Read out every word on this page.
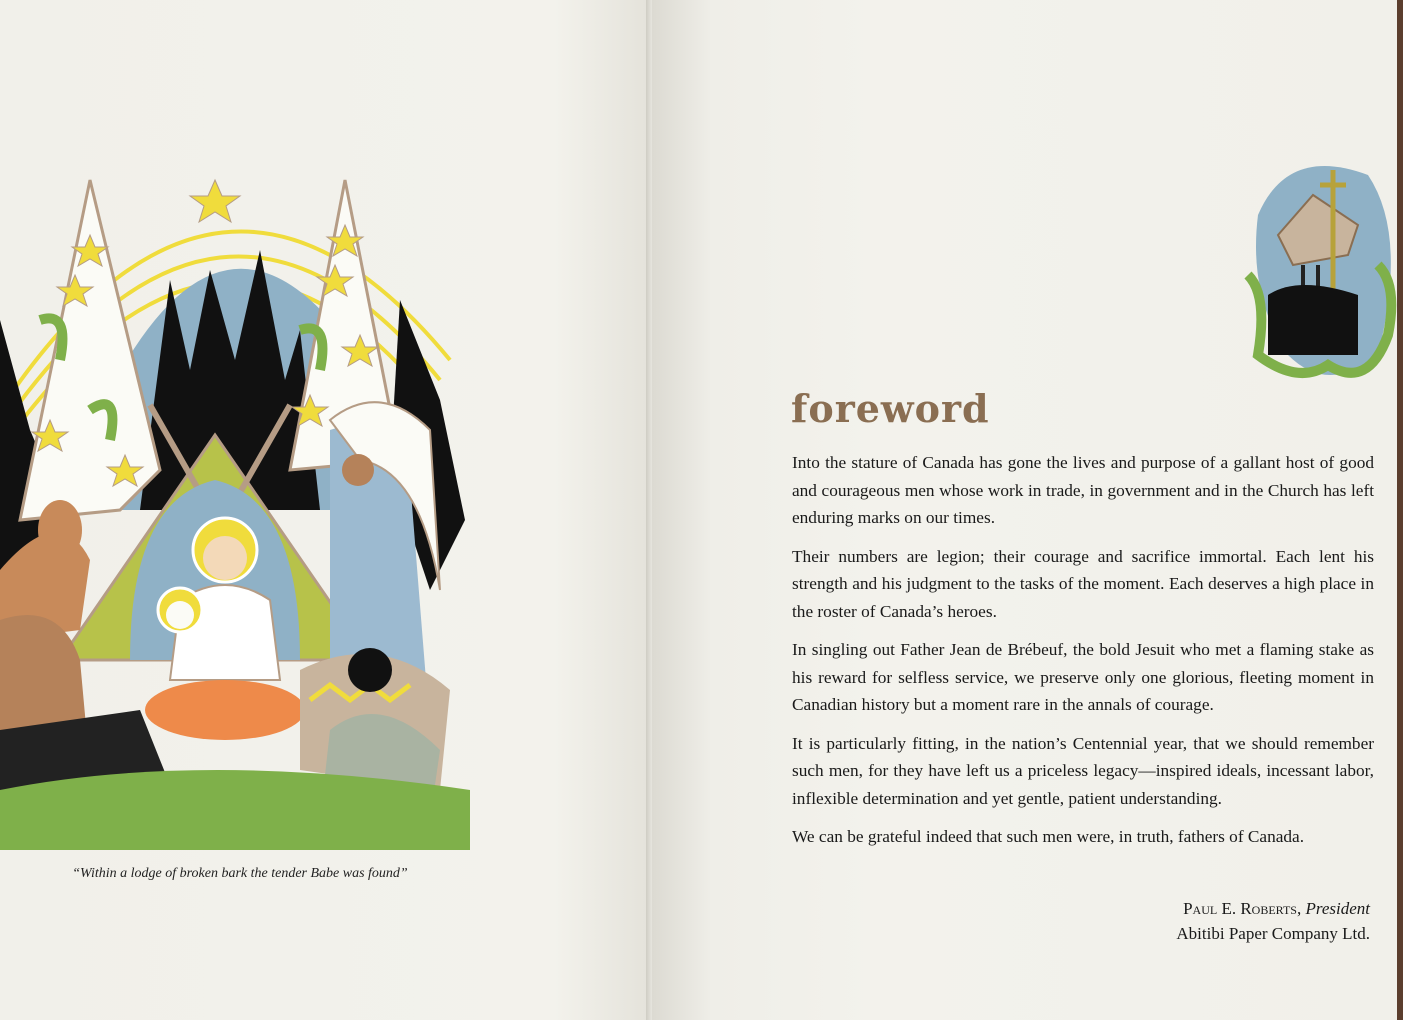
“Within a lodge of broken bark the tender Babe was found”
foreword

Into the stature of Canada has gone the lives and purpose of a gallant host of good and courageous men whose work in trade, in government and in the Church has left enduring marks on our times.

Their numbers are legion; their courage and sacrifice immortal. Each lent his strength and his judgment to the tasks of the moment. Each deserves a high place in the roster of Canada’s heroes.

In singling out Father Jean de Brébeuf, the bold Jesuit who met a flaming stake as his reward for selfless service, we preserve only one glorious, fleeting moment in Canadian history but a moment rare in the annals of courage.

It is particularly fitting, in the nation’s Centennial year, that we should remember such men, for they have left us a priceless legacy—inspired ideals, incessant labor, inflexible determination and yet gentle, patient understanding.

We can be grateful indeed that such men were, in truth, fathers of Canada.

Paul E. Roberts, President
Abitibi Paper Company Ltd.
